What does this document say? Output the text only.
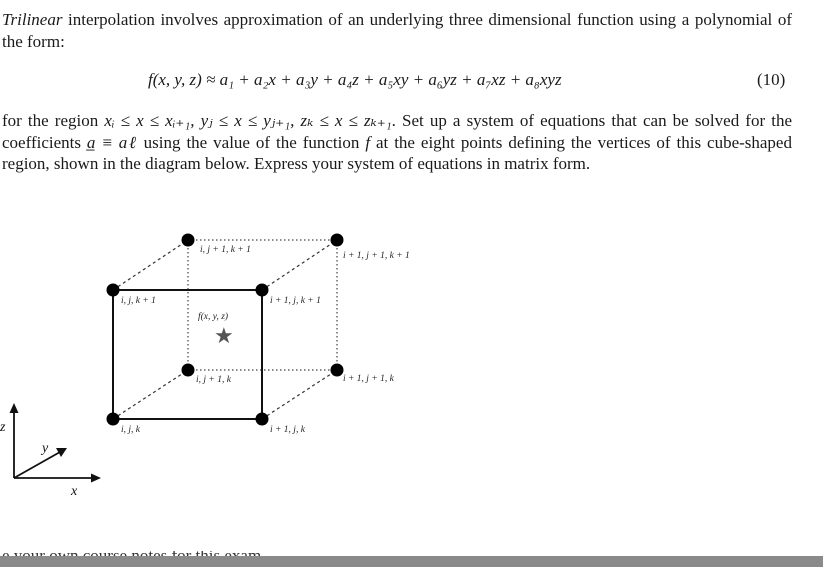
Trilinear interpolation involves approximation of an underlying three dimensional function using a polynomial of the form:

f(x, y, z) ≈ a₁ + a₂x + a₃y + a₄z + a₅xy + a₆yz + a₇xz + a₈xyz	(10)

for the region xᵢ ≤ x ≤ xᵢ₊₁, yⱼ ≤ x ≤ yⱼ₊₁, zₖ ≤ x ≤ zₖ₊₁. Set up a system of equations that can be solved for the coefficients a̲ ≡ aℓ using the value of the function f at the eight points defining the vertices of this cube-shaped region, shown in the diagram below. Express your system of equations in matrix form.

i, j + 1, k + 1
i + 1, j + 1, k + 1
i, j, k + 1	i + 1, j, k + 1
i, j + 1, k	i + 1, j + 1, k
i, j, k	i + 1, j, k
f(x, y, z)
★
z
y
x
